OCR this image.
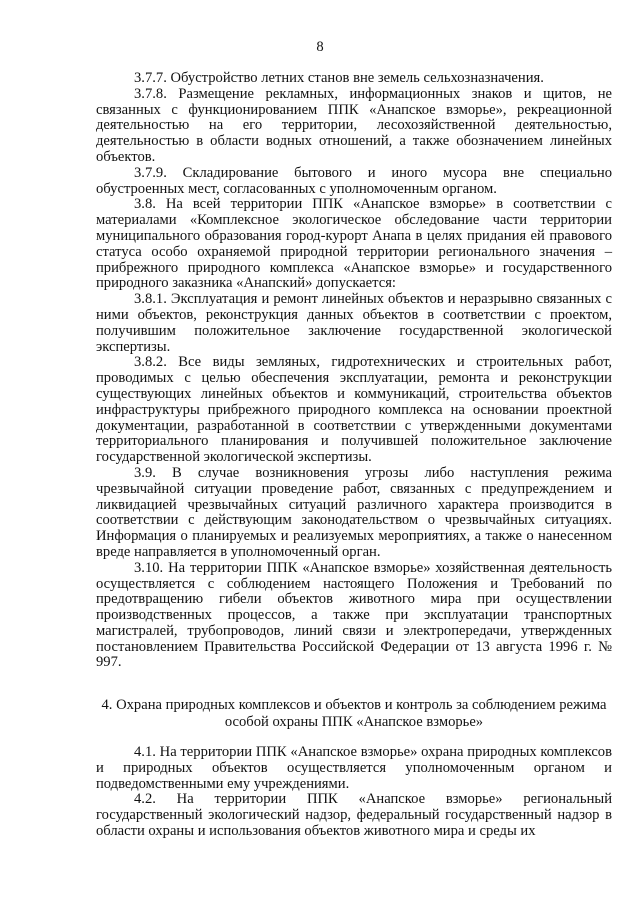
8

3.7.7. Обустройство летних станов вне земель сельхозназначения.

3.7.8. Размещение рекламных, информационных знаков и щитов, не связанных с функционированием ППК «Анапское взморье», рекреационной деятельностью на его территории, лесохозяйственной деятельностью, деятельностью в области водных отношений, а также обозначением линейных объектов.

3.7.9. Складирование бытового и иного мусора вне специально обустроенных мест, согласованных с уполномоченным органом.

3.8. На всей территории ППК «Анапское взморье» в соответствии с материалами «Комплексное экологическое обследование части территории муниципального образования город-курорт Анапа в целях придания ей правового статуса особо охраняемой природной территории регионального значения – прибрежного природного комплекса «Анапское взморье» и государственного природного заказника «Анапский» допускается:

3.8.1. Эксплуатация и ремонт линейных объектов и неразрывно связанных с ними объектов, реконструкция данных объектов в соответствии с проектом, получившим положительное заключение государственной экологической экспертизы.

3.8.2. Все виды земляных, гидротехнических и строительных работ, проводимых с целью обеспечения эксплуатации, ремонта и реконструкции существующих линейных объектов и коммуникаций, строительства объектов инфраструктуры прибрежного природного комплекса на основании проектной документации, разработанной в соответствии с утвержденными документами территориального планирования и получившей положительное заключение государственной экологической экспертизы.

3.9. В случае возникновения угрозы либо наступления режима чрезвычайной ситуации проведение работ, связанных с предупреждением и ликвидацией чрезвычайных ситуаций различного характера производится в соответствии с действующим законодательством о чрезвычайных ситуациях. Информация о планируемых и реализуемых мероприятиях, а также о нанесенном вреде направляется в уполномоченный орган.

3.10. На территории ППК «Анапское взморье» хозяйственная деятельность осуществляется с соблюдением настоящего Положения и Требований по предотвращению гибели объектов животного мира при осуществлении производственных процессов, а также при эксплуатации транспортных магистралей, трубопроводов, линий связи и электропередачи, утвержденных постановлением Правительства Российской Федерации от 13 августа 1996 г. № 997.

4. Охрана природных комплексов и объектов и контроль за соблюдением режима особой охраны ППК «Анапское взморье»

4.1. На территории ППК «Анапское взморье» охрана природных комплексов и природных объектов осуществляется уполномоченным органом и подведомственными ему учреждениями.

4.2. На территории ППК «Анапское взморье» региональный государственный экологический надзор, федеральный государственный надзор в области охраны и использования объектов животного мира и среды их
